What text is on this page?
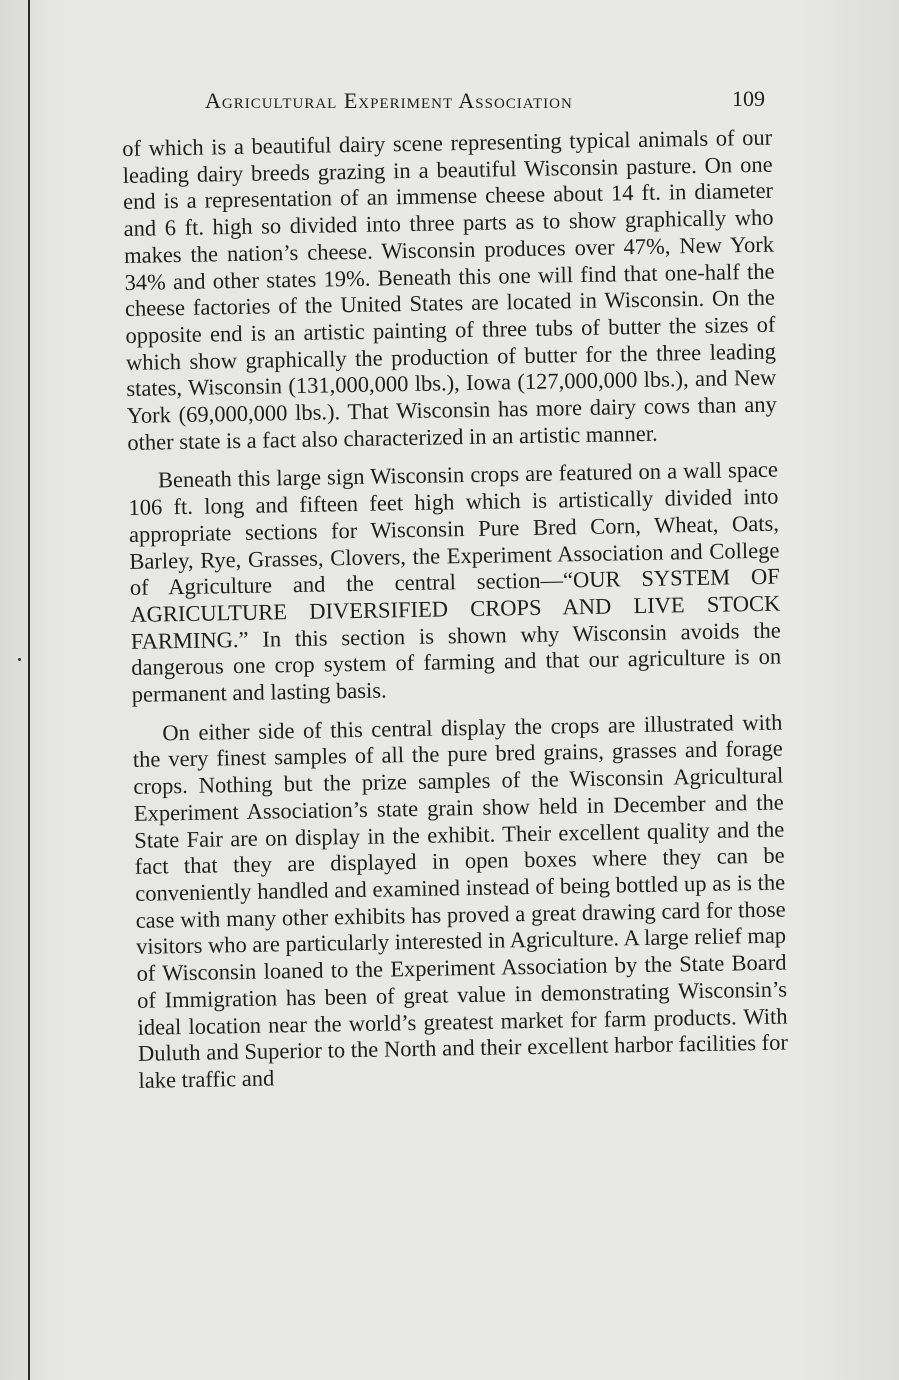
Agricultural Experiment Association	109

of which is a beautiful dairy scene representing typical animals of our leading dairy breeds grazing in a beautiful Wisconsin pasture. On one end is a representation of an immense cheese about 14 ft. in diameter and 6 ft. high so divided into three parts as to show graphically who makes the nation’s cheese. Wisconsin produces over 47%, New York 34% and other states 19%. Beneath this one will find that one-half the cheese factories of the United States are located in Wisconsin. On the opposite end is an artistic painting of three tubs of butter the sizes of which show graphically the production of butter for the three leading states, Wisconsin (131,000,000 lbs.), Iowa (127,000,000 lbs.), and New York (69,000,000 lbs.). That Wisconsin has more dairy cows than any other state is a fact also characterized in an artistic manner.

Beneath this large sign Wisconsin crops are featured on a wall space 106 ft. long and fifteen feet high which is artistically divided into appropriate sections for Wisconsin Pure Bred Corn, Wheat, Oats, Barley, Rye, Grasses, Clovers, the Experiment Association and College of Agriculture and the central section—“OUR SYSTEM OF AGRICULTURE DIVERSIFIED CROPS AND LIVE STOCK FARMING.” In this section is shown why Wisconsin avoids the dangerous one crop system of farming and that our agriculture is on permanent and lasting basis.

On either side of this central display the crops are illustrated with the very finest samples of all the pure bred grains, grasses and forage crops. Nothing but the prize samples of the Wisconsin Agricultural Experiment Association’s state grain show held in December and the State Fair are on display in the exhibit. Their excellent quality and the fact that they are displayed in open boxes where they can be conveniently handled and examined instead of being bottled up as is the case with many other exhibits has proved a great drawing card for those visitors who are particularly interested in Agriculture. A large relief map of Wisconsin loaned to the Experiment Association by the State Board of Immigration has been of great value in demonstrating Wisconsin’s ideal location near the world’s greatest market for farm products. With Duluth and Superior to the North and their excellent harbor facilities for lake traffic and
